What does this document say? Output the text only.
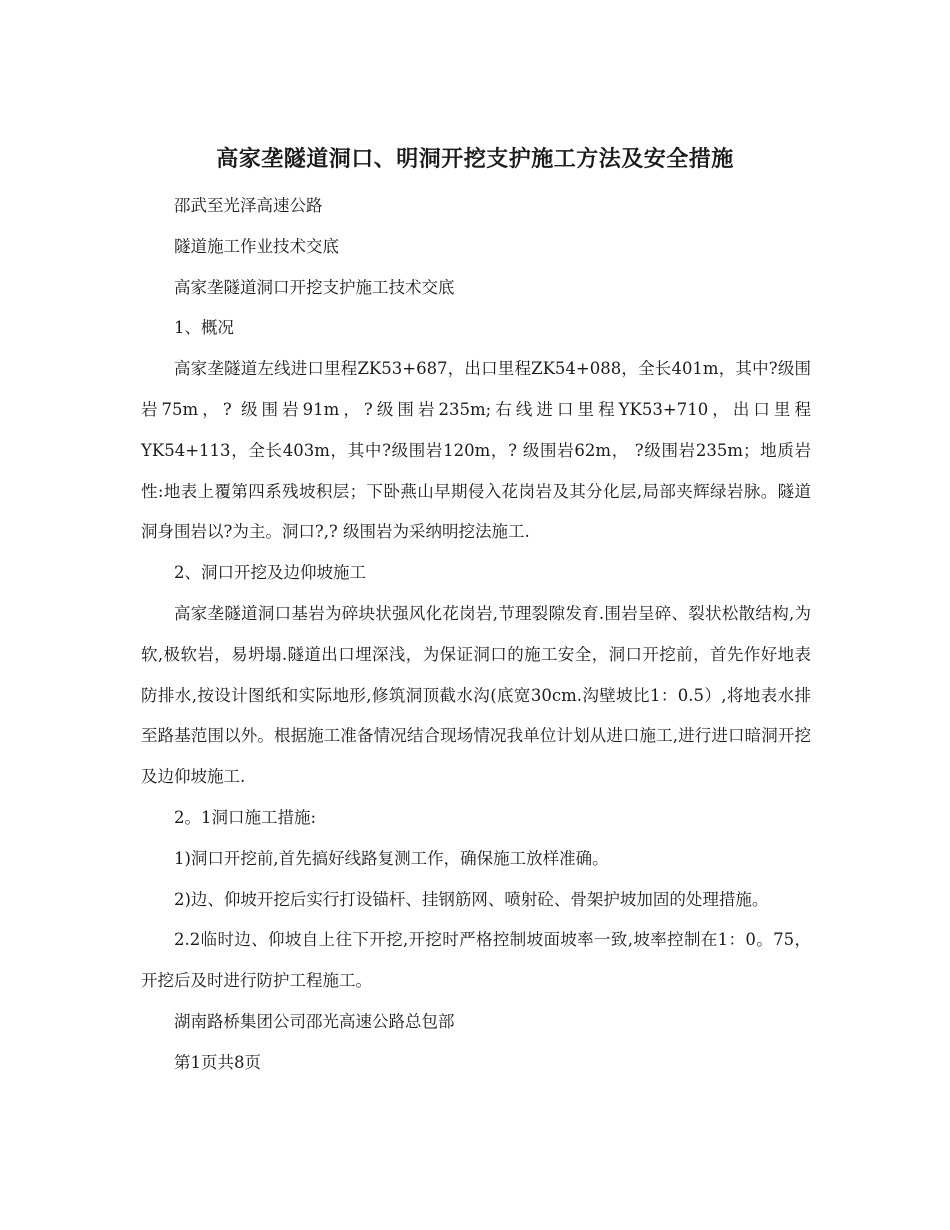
高家垄隧道洞口、明洞开挖支护施工方法及安全措施

邵武至光泽高速公路

隧道施工作业技术交底

高家垄隧道洞口开挖支护施工技术交底

1、概况

高家垄隧道左线进口里程ZK53+687，出口里程ZK54+088，全长401m，其中?级围岩75m，? 级围岩91m，?级围岩235m;右线进口里程YK53+710，出口里程YK54+113，全长403m，其中?级围岩120m，? 级围岩62m， ?级围岩235m；地质岩性:地表上覆第四系残坡积层；下卧燕山早期侵入花岗岩及其分化层,局部夹辉绿岩脉。隧道洞身围岩以?为主。洞口?,? 级围岩为采纳明挖法施工.

2、洞口开挖及边仰坡施工

高家垄隧道洞口基岩为碎块状强风化花岗岩,节理裂隙发育.围岩呈碎、裂状松散结构,为软,极软岩，易坍塌.隧道出口埋深浅，为保证洞口的施工安全，洞口开挖前，首先作好地表防排水,按设计图纸和实际地形,修筑洞顶截水沟(底宽30cm.沟壁坡比1：0.5）,将地表水排至路基范围以外。根据施工准备情况结合现场情况我单位计划从进口施工,进行进口暗洞开挖及边仰坡施工.

2。1洞口施工措施:

1)洞口开挖前,首先搞好线路复测工作，确保施工放样准确。

2)边、仰坡开挖后实行打设锚杆、挂钢筋网、喷射砼、骨架护坡加固的处理措施。

2.2临时边、仰坡自上往下开挖,开挖时严格控制坡面坡率一致,坡率控制在1：0。75，开挖后及时进行防护工程施工。

湖南路桥集团公司邵光高速公路总包部

第1页共8页
